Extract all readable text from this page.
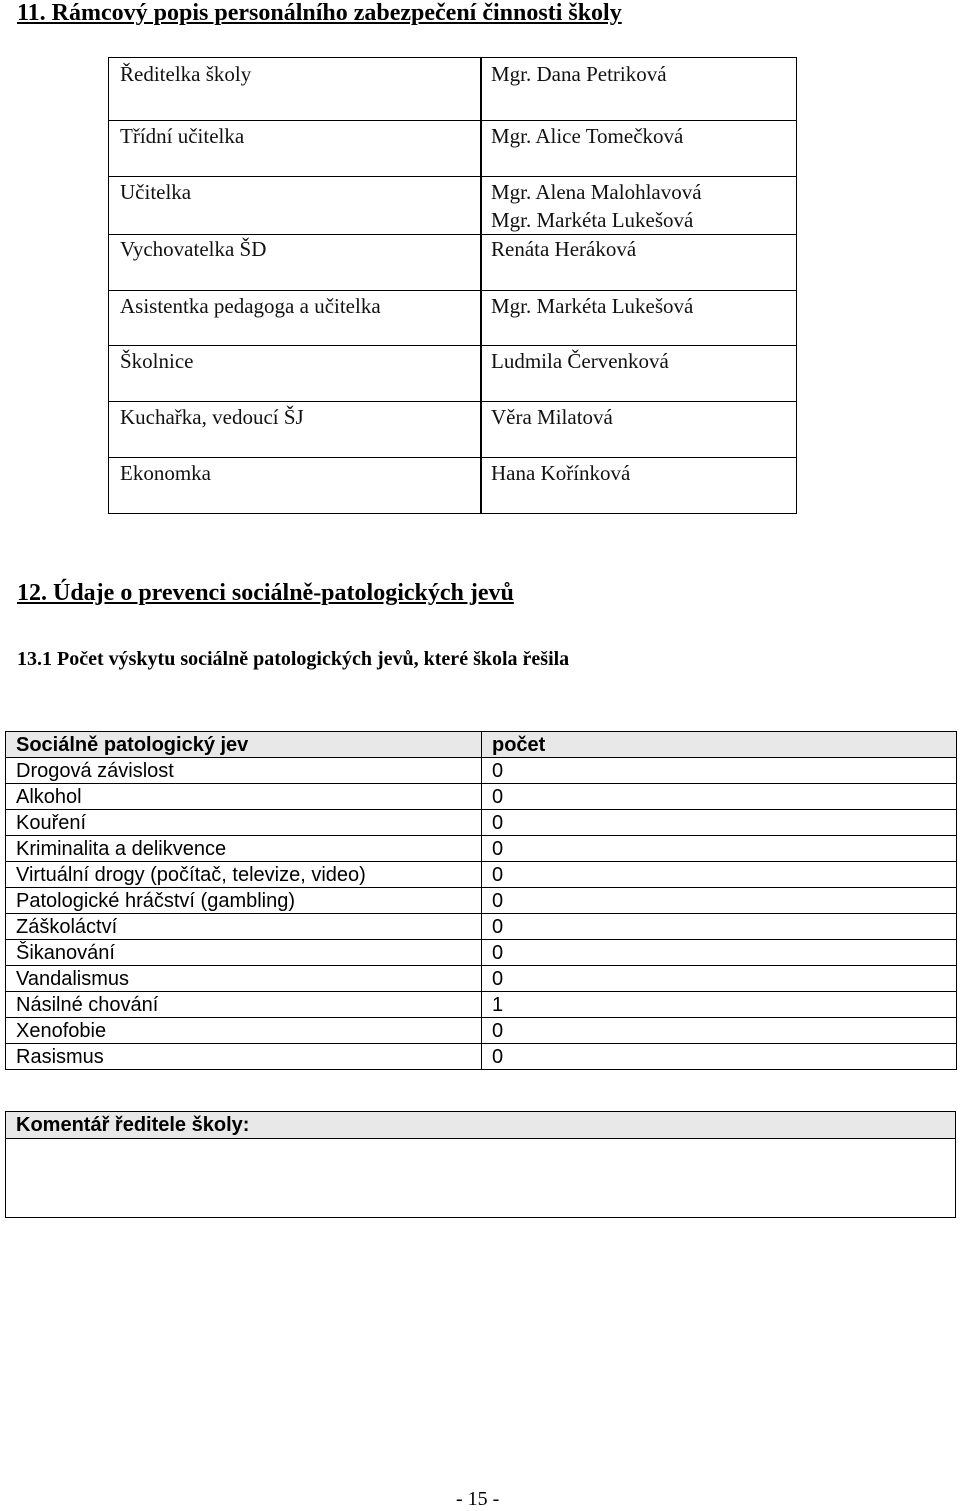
11. Rámcový popis personálního zabezpečení činnosti školy
Ředitelka školy	Mgr. Dana Petriková
Třídní učitelka	Mgr. Alice Tomečková
Učitelka	Mgr. Alena Malohlavová
Mgr. Markéta Lukešová
Vychovatelka ŠD	Renáta Heráková
Asistentka pedagoga a učitelka	Mgr. Markéta Lukešová
Školnice	Ludmila Červenková
Kuchařka, vedoucí ŠJ	Věra Milatová
Ekonomka	Hana Kořínková
12. Údaje o prevenci sociálně-patologických jevů
13.1 Počet výskytu sociálně patologických jevů, které škola řešila
Sociálně patologický jev	počet
Drogová závislost	0
Alkohol	0
Kouření	0
Kriminalita a delikvence	0
Virtuální drogy (počítač, televize, video)	0
Patologické hráčství (gambling)	0
Záškoláctví	0
Šikanování	0
Vandalismus	0
Násilné chování	1
Xenofobie	0
Rasismus	0
Komentář ředitele školy:

- 15 -
